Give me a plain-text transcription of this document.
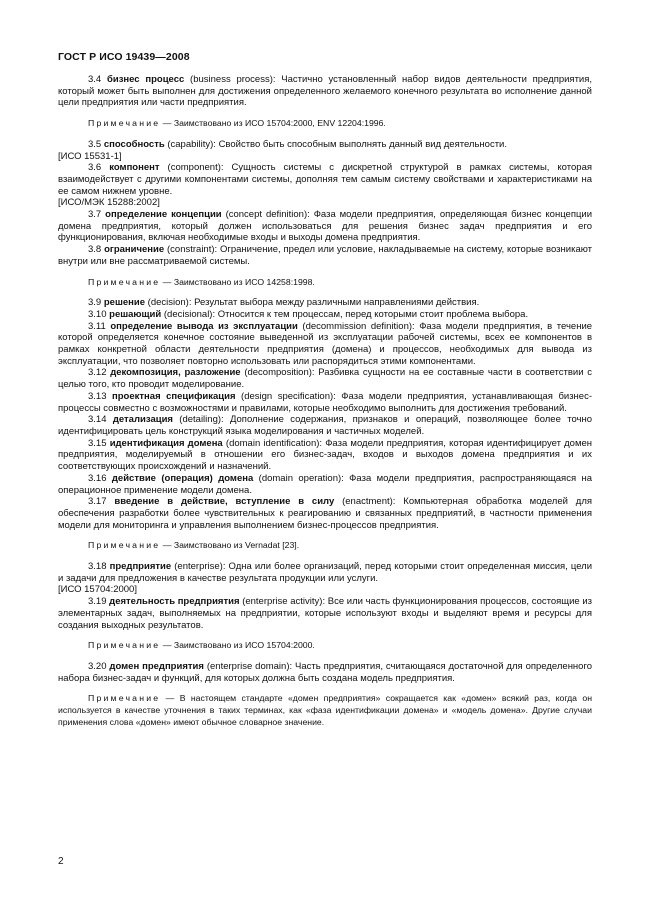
ГОСТ Р ИСО 19439—2008

3.4 бизнес процесс (business process): Частично установленный набор видов деятельности предприятия, который может быть выполнен для достижения определенного желаемого конечного результата во исполнение данной цели предприятия или части предприятия.

Примечание — Заимствовано из ИСО 15704:2000, ENV 12204:1996.

3.5 способность (capability): Свойство быть способным выполнять данный вид деятельности.

[ИСО 15531-1]

3.6 компонент (component): Сущность системы с дискретной структурой в рамках системы, которая взаимодействует с другими компонентами системы, дополняя тем самым систему свойствами и характеристиками на ее самом нижнем уровне.

[ИСО/МЭК 15288:2002]

3.7 определение концепции (concept definition): Фаза модели предприятия, определяющая бизнес концепции домена предприятия, который должен использоваться для решения бизнес задач предприятия и его функционирования, включая необходимые входы и выходы домена предприятия.

3.8 ограничение (constraint): Ограничение, предел или условие, накладываемые на систему, которые возникают внутри или вне рассматриваемой системы.

Примечание — Заимствовано из ИСО 14258:1998.

3.9 решение (decision): Результат выбора между различными направлениями действия.

3.10 решающий (decisional): Относится к тем процессам, перед которыми стоит проблема выбора.

3.11 определение вывода из эксплуатации (decommission definition): Фаза модели предприятия, в течение которой определяется конечное состояние выведенной из эксплуатации рабочей системы, всех ее компонентов в рамках конкретной области деятельности предприятия (домена) и процессов, необходимых для вывода из эксплуатации, что позволяет повторно использовать или распорядиться этими компонентами.

3.12 декомпозиция, разложение (decomposition): Разбивка сущности на ее составные части в соответствии с целью того, кто проводит моделирование.

3.13 проектная спецификация (design specification): Фаза модели предприятия, устанавливающая бизнес-процессы совместно с возможностями и правилами, которые необходимо выполнить для достижения требований.

3.14 детализация (detailing): Дополнение содержания, признаков и операций, позволяющее более точно идентифицировать цель конструкций языка моделирования и частичных моделей.

3.15 идентификация домена (domain identification): Фаза модели предприятия, которая идентифицирует домен предприятия, моделируемый в отношении его бизнес-задач, входов и выходов домена предприятия и их соответствующих происхождений и назначений.

3.16 действие (операция) домена (domain operation): Фаза модели предприятия, распространяющаяся на операционное применение модели домена.

3.17 введение в действие, вступление в силу (enactment): Компьютерная обработка моделей для обеспечения разработки более чувствительных к реагированию и связанных предприятий, в частности применения модели для мониторинга и управления выполнением бизнес-процессов предприятия.

Примечание — Заимствовано из Vernadat [23].

3.18 предприятие (enterprise): Одна или более организаций, перед которыми стоит определенная миссия, цели и задачи для предложения в качестве результата продукции или услуги.

[ИСО 15704:2000]

3.19 деятельность предприятия (enterprise activity): Все или часть функционирования процессов, состоящие из элементарных задач, выполняемых на предприятии, которые используют входы и выделяют время и ресурсы для создания выходных результатов.

Примечание — Заимствовано из ИСО 15704:2000.

3.20 домен предприятия (enterprise domain): Часть предприятия, считающаяся достаточной для определенного набора бизнес-задач и функций, для которых должна быть создана модель предприятия.

Примечание — В настоящем стандарте «домен предприятия» сокращается как «домен» всякий раз, когда он используется в качестве уточнения в таких терминах, как «фаза идентификации домена» и «модель домена». Другие случаи применения слова «домен» имеют обычное словарное значение.

2
